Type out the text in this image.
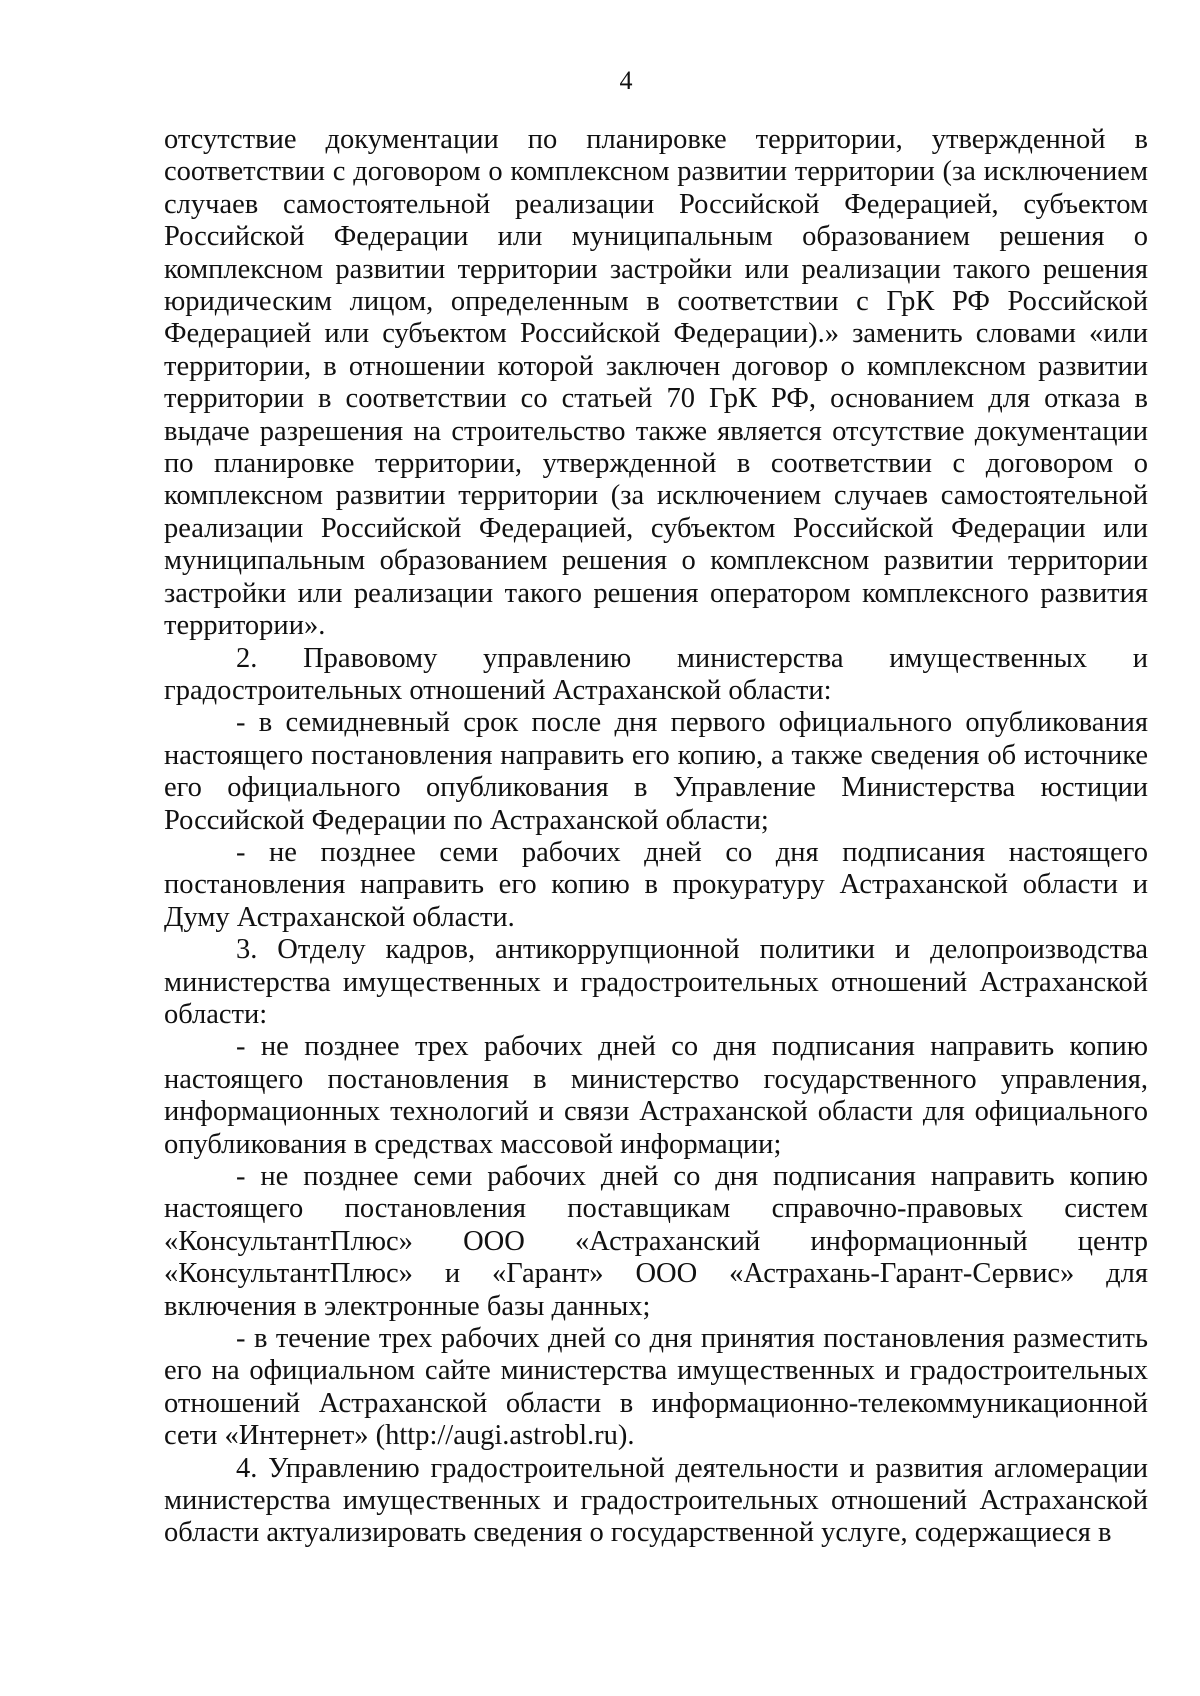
4

отсутствие документации по планировке территории, утвержденной в соответствии с договором о комплексном развитии территории (за исключением случаев самостоятельной реализации Российской Федерацией, субъектом Российской Федерации или муниципальным образованием решения о комплексном развитии территории застройки или реализации такого решения юридическим лицом, определенным в соответствии с ГрК РФ Российской Федерацией или субъектом Российской Федерации).» заменить словами «или территории, в отношении которой заключен договор о комплексном развитии территории в соответствии со статьей 70 ГрК РФ, основанием для отказа в выдаче разрешения на строительство также является отсутствие документации по планировке территории, утвержденной в соответствии с договором о комплексном развитии территории (за исключением случаев самостоятельной реализации Российской Федерацией, субъектом Российской Федерации или муниципальным образованием решения о комплексном развитии территории застройки или реализации такого решения оператором комплексного развития территории».

2. Правовому управлению министерства имущественных и градостроительных отношений Астраханской области:

- в семидневный срок после дня первого официального опубликования настоящего постановления направить его копию, а также сведения об источнике его официального опубликования в Управление Министерства юстиции Российской Федерации по Астраханской области;

- не позднее семи рабочих дней со дня подписания настоящего постановления направить его копию в прокуратуру Астраханской области и Думу Астраханской области.

3. Отделу кадров, антикоррупционной политики и делопроизводства министерства имущественных и градостроительных отношений Астраханской области:

- не позднее трех рабочих дней со дня подписания направить копию настоящего постановления в министерство государственного управления, информационных технологий и связи Астраханской области для официального опубликования в средствах массовой информации;

- не позднее семи рабочих дней со дня подписания направить копию настоящего постановления поставщикам справочно-правовых систем «КонсультантПлюс» ООО «Астраханский информационный центр «КонсультантПлюс» и «Гарант» ООО «Астрахань-Гарант-Сервис» для включения в электронные базы данных;

- в течение трех рабочих дней со дня принятия постановления разместить его на официальном сайте министерства имущественных и градостроительных отношений Астраханской области в информационно-телекоммуникационной сети «Интернет» (http://augi.astrobl.ru).

4. Управлению градостроительной деятельности и развития агломерации министерства имущественных и градостроительных отношений Астраханской области актуализировать сведения о государственной услуге, содержащиеся в
